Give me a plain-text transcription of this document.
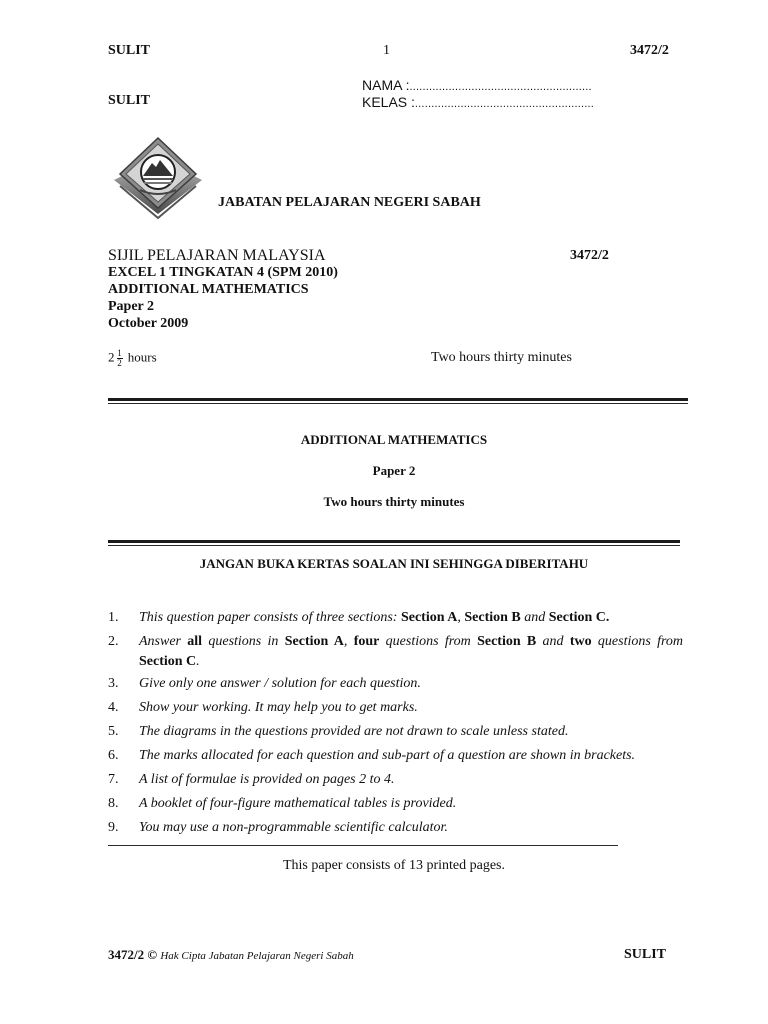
SULIT	1	3472/2
NAMA :........................................................
SULIT	KELAS :.......................................................
JABATAN PELAJARAN NEGERI SABAH
SIJIL PELAJARAN MALAYSIA	3472/2
EXCEL 1 TINGKATAN 4 (SPM 2010)
ADDITIONAL MATHEMATICS
Paper 2
October 2009
$2 \frac{1}{2}$ hours	Two hours thirty minutes
ADDITIONAL MATHEMATICS
Paper 2
Two hours thirty minutes
JANGAN BUKA KERTAS SOALAN INI SEHINGGA DIBERITAHU
1. This question paper consists of three sections: Section A, Section B and Section C.
2. Answer all questions in Section A, four questions from Section B and two questions from
Section C.
3. Give only one answer / solution for each question.
4. Show your working. It may help you to get marks.
5. The diagrams in the questions provided are not drawn to scale unless stated.
6. The marks allocated for each question and sub-part of a question are shown in brackets.
7. A list of formulae is provided on pages 2 to 4.
8. A booklet of four-figure mathematical tables is provided.
9. You may use a non-programmable scientific calculator.
This paper consists of 13 printed pages.
3472/2 © Hak Cipta Jabatan Pelajaran Negeri Sabah	SULIT
